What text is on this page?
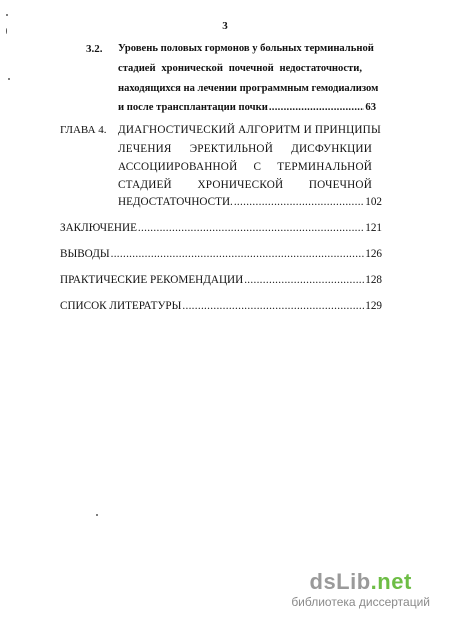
3
3.2. Уровень половых гормонов у больных терминальной
стадией хронической почечной недостаточности,
находящихся на лечении программным гемодиализом
и после трансплантации почки .....	63
ГЛАВА 4. ДИАГНОСТИЧЕСКИЙ АЛГОРИТМ И ПРИНЦИПЫ
ЛЕЧЕНИЯ ЭРЕКТИЛЬНОЙ ДИСФУНКЦИИ
АССОЦИИРОВАННОЙ С ТЕРМИНАЛЬНОЙ
СТАДИЕЙ ХРОНИЧЕСКОЙ ПОЧЕЧНОЙ
НЕДОСТАТОЧНОСТИ. .....	102
ЗАКЛЮЧЕНИЕ .....	121
ВЫВОДЫ .....	126
ПРАКТИЧЕСКИЕ РЕКОМЕНДАЦИИ .....	128
СПИСОК ЛИТЕРАТУРЫ .....	129
dsLib.net
библиотека диссертаций
